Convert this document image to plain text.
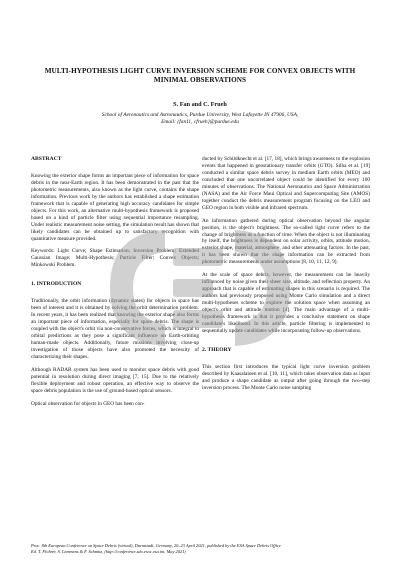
MULTI-HYPOTHESIS LIGHT CURVE INVERSION SCHEME FOR CONVEX OBJECTS WITH MINIMAL OBSERVATIONS
S. Fan and C. Frueh
School of Aeronautics and Astronautics, Purdue University, West Lafayette IN 47906, USA,
Email: {fan11, cfrueh}@purdue.edu

ABSTRACT

Knowing the exterior shape forms an important piece of information for space debris in the near-Earth region. It has been demonstrated in the past that the photometric measurements, also known as the light curve, contains the shape information. Previous work by the authors has established a shape estimation framework that is capable of generating high accuracy candidates for simple objects. For this work, an alternative multi-hypothesis framework is proposed based on a kind of particle filter using sequential importance resampling. Under realistic measurement noise setting, the simulation result has shown that likely candidates can be obtained up to satisfactory recognition with quantitative measure provided.

Keywords: Light Curve; Shape Estimation; Inversion Problem; Extended Gaussian Image; Multi-Hypothesis; Particle Filter; Convex Objects; Minkowski Problem.

1. INTRODUCTION

Traditionally, the orbit information (dynamic states) for objects in space has been of interest and it is obtained by solving the orbit determination problem. In recent years, it has been realized that knowing the exterior shape also forms an important piece of information, especially for space debris. The shape is coupled with the object's orbit via non-conservative forces, which is integral to orbital predictions as they pose a significant influence on Earth-orbiting human-made objects. Additionally, future missions involving close-up investigation of those objects have also promoted the necessity of characterizing their shapes.

Although RADAR system has been used to monitor space debris with good potential in resolution during direct imaging [7, 15]. Due to the relatively flexible deployment and robust operation, an effective way to observe the space debris population is the use of ground-based optical sensors.

Optical observation for objects in GEO has been con-

ducted by Schildknecht et al. [17, 18], which brings awareness to the explosion events that happened in geostationary transfer orbits (GTO). Silha et al. [19] conducted a similar space debris survey in medium Earth orbits (MEO) and concluded that one uncorrelated object could be identified for every 100 minutes of observations. The National Aeronautics and Space Administration (NASA) and the Air Force Maui Optical and Supercomputing Site (AMOS) together conduct the debris measurement program focusing on the LEO and GEO region in both visible and infrared spectrum.

An information gathered during optical observation beyond the angular position, is the object's brightness. The so-called light curve refers to the change of brightness as a function of time. When the object is not illuminating by itself, the brightness is dependent on solar activity, orbits, attitude motion, exterior shape, material, atmosphere, and other attenuating factors. In the past, it has been shown that the shape information can be extracted from photometric measurements under assumptions [8, 10, 11, 12, 9].

At the scale of space debris, however, the measurement can be heavily influenced by noise given their sheer size, altitude, and reflection property. An approach that is capable of estimating shapes in this scenario is required. The authors had previously proposed using Monte Carlo simulation and a direct multi-hypotheses scheme to explore the solution space when assuming an object's orbit and attitude motion [4]. The main advantage of a multi-hypothesis framework is that it provides a conclusive statement on shape candidate's likelihood. In this article, particle filtering is implemented to sequentially update candidates while incorporating follow-up observations.

2. THEORY

This section first introduces the typical light curve inversion problem described by Kaasalainen et al. [10, 11], which takes observation data as input and produce a shape candidate as output after going through the two-step inversion process. The Monte Carlo noise sampling

Proc. 8th European Conference on Space Debris (virtual), Darmstadt, Germany, 20–23 April 2021, published by the ESA Space Debris Office
Ed. T. Flohrer, S. Lemmens & F. Schmitz, (http://conference.sdo.esoc.esa.int, May 2021)
